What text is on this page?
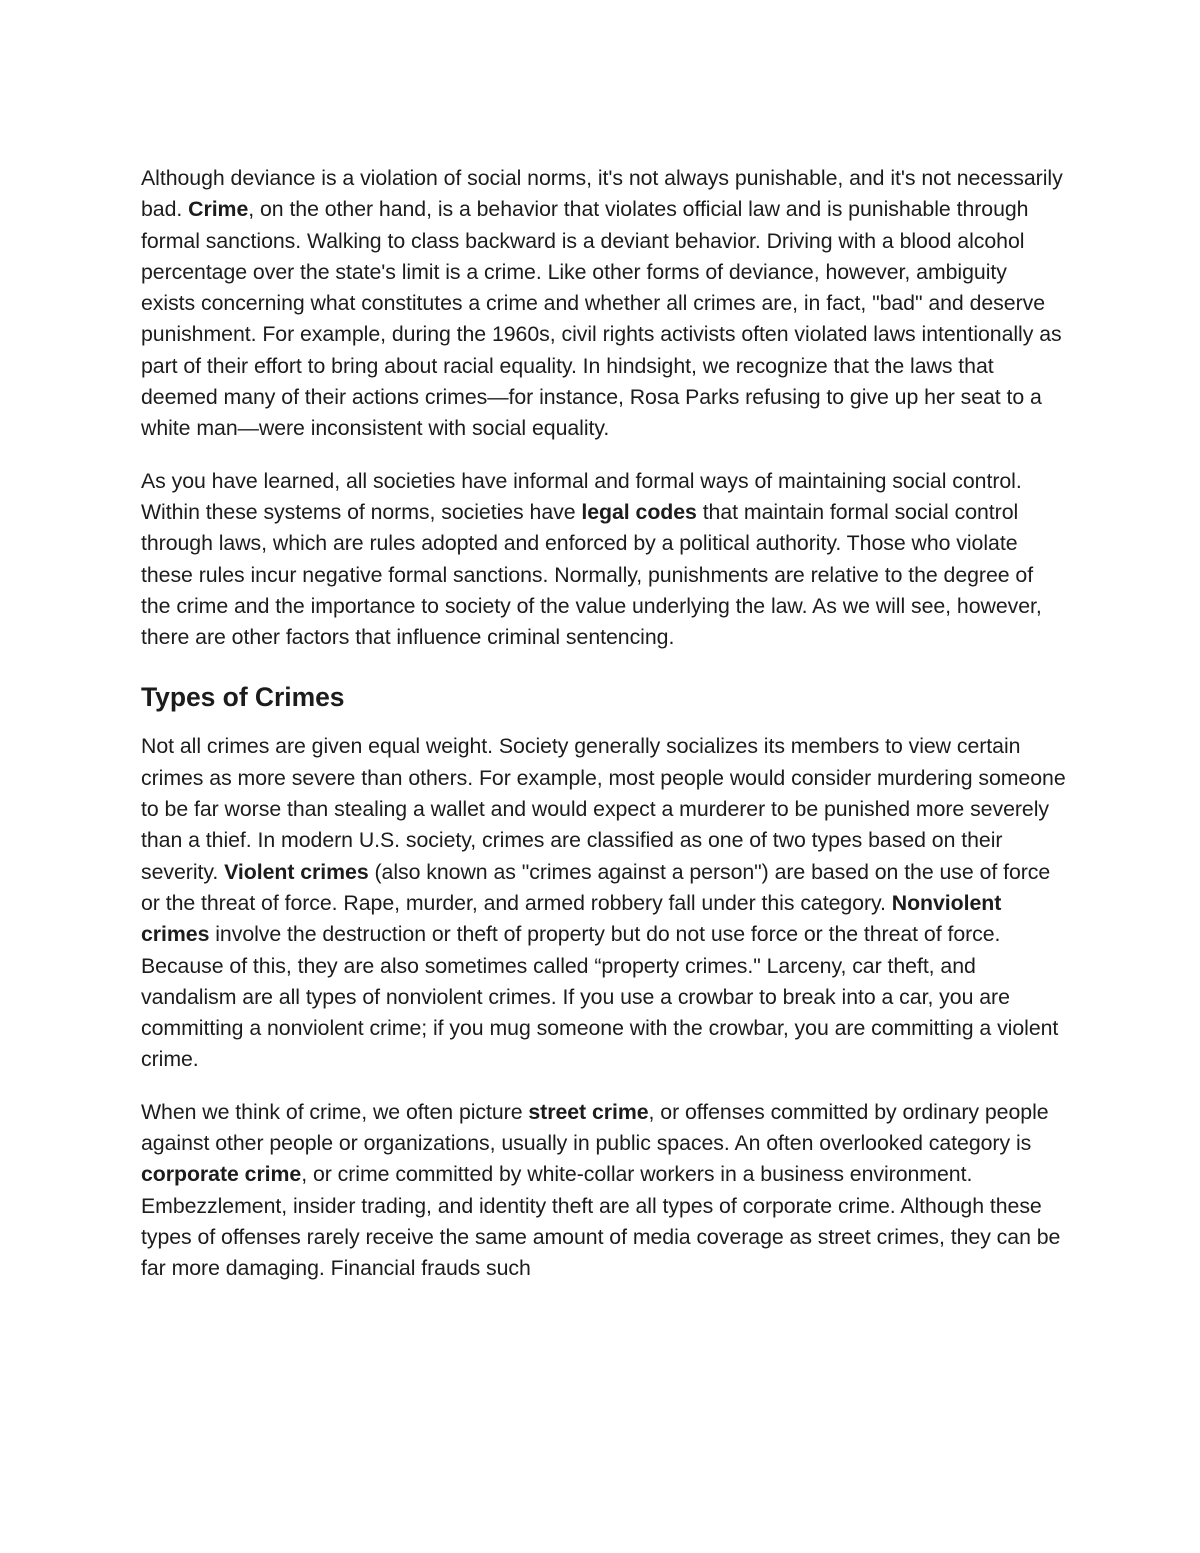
Although deviance is a violation of social norms, it's not always punishable, and it's not necessarily bad. Crime, on the other hand, is a behavior that violates official law and is punishable through formal sanctions. Walking to class backward is a deviant behavior. Driving with a blood alcohol percentage over the state's limit is a crime. Like other forms of deviance, however, ambiguity exists concerning what constitutes a crime and whether all crimes are, in fact, "bad" and deserve punishment. For example, during the 1960s, civil rights activists often violated laws intentionally as part of their effort to bring about racial equality. In hindsight, we recognize that the laws that deemed many of their actions crimes—for instance, Rosa Parks refusing to give up her seat to a white man—were inconsistent with social equality.

As you have learned, all societies have informal and formal ways of maintaining social control. Within these systems of norms, societies have legal codes that maintain formal social control through laws, which are rules adopted and enforced by a political authority. Those who violate these rules incur negative formal sanctions. Normally, punishments are relative to the degree of the crime and the importance to society of the value underlying the law. As we will see, however, there are other factors that influence criminal sentencing.

Types of Crimes

Not all crimes are given equal weight. Society generally socializes its members to view certain crimes as more severe than others. For example, most people would consider murdering someone to be far worse than stealing a wallet and would expect a murderer to be punished more severely than a thief. In modern U.S. society, crimes are classified as one of two types based on their severity. Violent crimes (also known as "crimes against a person") are based on the use of force or the threat of force. Rape, murder, and armed robbery fall under this category. Nonviolent crimes involve the destruction or theft of property but do not use force or the threat of force. Because of this, they are also sometimes called “property crimes." Larceny, car theft, and vandalism are all types of nonviolent crimes. If you use a crowbar to break into a car, you are committing a nonviolent crime; if you mug someone with the crowbar, you are committing a violent crime.

When we think of crime, we often picture street crime, or offenses committed by ordinary people against other people or organizations, usually in public spaces. An often overlooked category is corporate crime, or crime committed by white-collar workers in a business environment. Embezzlement, insider trading, and identity theft are all types of corporate crime. Although these types of offenses rarely receive the same amount of media coverage as street crimes, they can be far more damaging. Financial frauds such
